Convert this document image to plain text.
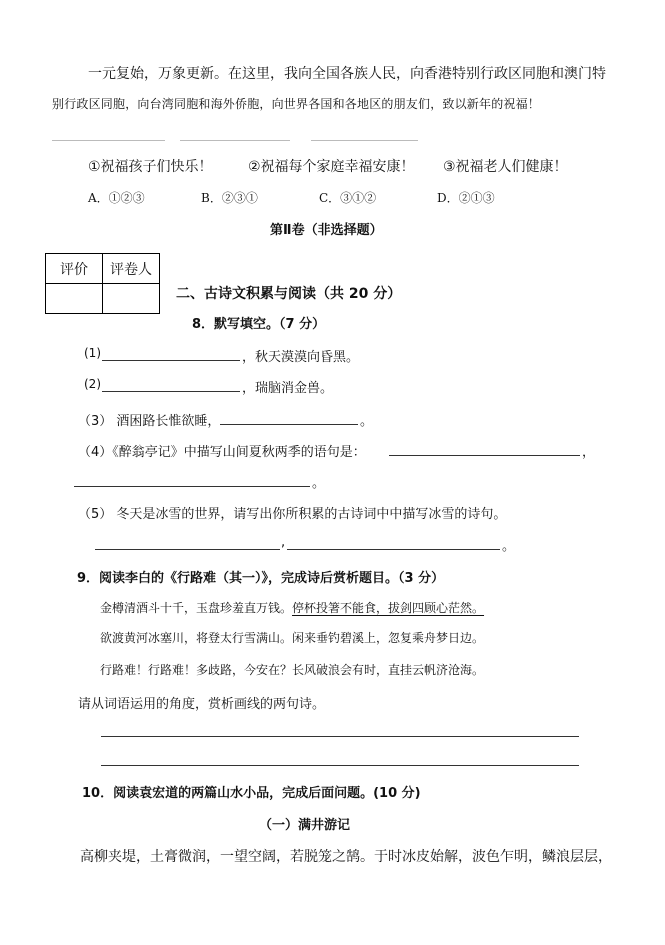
一元复始，万象更新。在这里，我向全国各族人民，向香港特别行政区同胞和澳门特
别行政区同胞，向台湾同胞和海外侨胞，向世界各国和各地区的朋友们，致以新年的祝福！
①祝福孩子们快乐！	②祝福每个家庭幸福安康！ ③祝福老人们健康！
A．①②③	B．②③①	C．③①②	D．②①③
第Ⅱ卷（非选择题）
评价	评卷人

二、古诗文积累与阅读（共 20 分）
8．默写填空。（7 分）
(1)	，秋天漠漠向昏黑。
(2)	，瑞脑消金兽。
（3） 酒困路长惟欲睡，	。
（4）《醉翁亭记》中描写山间夏秋两季的语句是：	，
。
（5） 冬天是冰雪的世界，请写出你所积累的古诗词中中描写冰雪的诗句。
,	。
9．阅读李白的《行路难（其一）》，完成诗后赏析题目。（3 分）
金樽清酒斗十千，玉盘珍羞直万钱。停杯投箸不能食，拔剑四顾心茫然。
欲渡黄河冰塞川，将登太行雪满山。闲来垂钓碧溪上，忽复乘舟梦日边。
行路难！行路难！多歧路，今安在？长风破浪会有时，直挂云帆济沧海。
请从词语运用的角度，赏析画线的两句诗。
10．阅读袁宏道的两篇山水小品，完成后面问题。(10 分)
（一）满井游记
高柳夹堤，土膏微润，一望空阔，若脱笼之鹄。于时冰皮始解，波色乍明，鳞浪层层，
